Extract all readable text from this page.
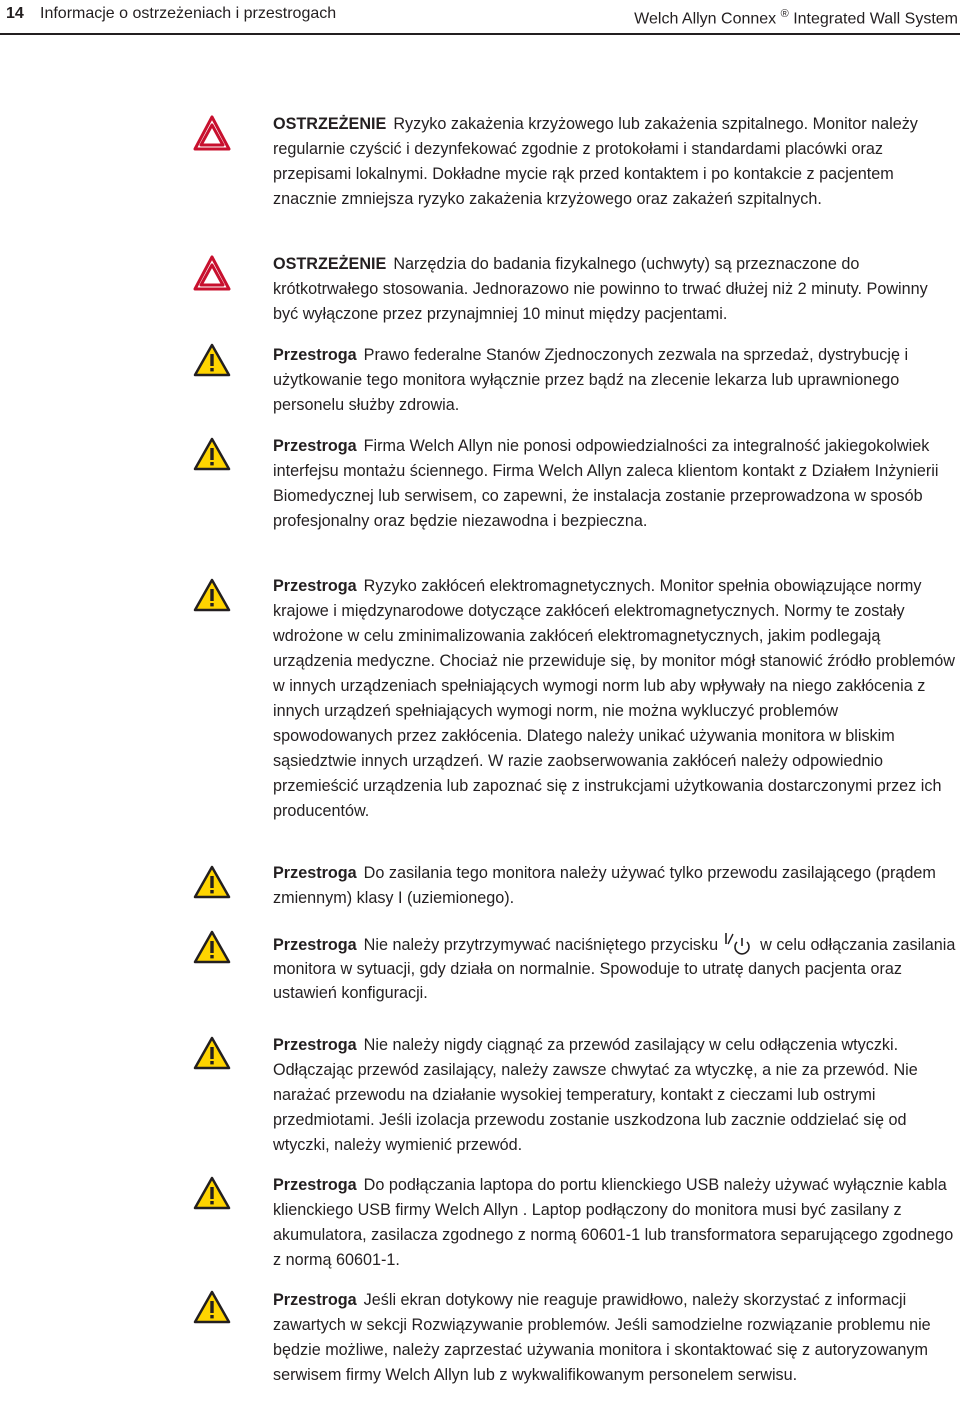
14 Informacje o ostrzeżeniach i przestrogach	Welch Allyn Connex ® Integrated Wall System

OSTRZEŻENIE Ryzyko zakażenia krzyżowego lub zakażenia szpitalnego. Monitor należy regularnie czyścić i dezynfekować zgodnie z protokołami i standardami placówki oraz przepisami lokalnymi. Dokładne mycie rąk przed kontaktem i po kontakcie z pacjentem znacznie zmniejsza ryzyko zakażenia krzyżowego oraz zakażeń szpitalnych.

OSTRZEŻENIE Narzędzia do badania fizykalnego (uchwyty) są przeznaczone do krótkotrwałego stosowania. Jednorazowo nie powinno to trwać dłużej niż 2 minuty. Powinny być wyłączone przez przynajmniej 10 minut między pacjentami.

Przestroga Prawo federalne Stanów Zjednoczonych zezwala na sprzedaż, dystrybucję i użytkowanie tego monitora wyłącznie przez bądź na zlecenie lekarza lub uprawnionego personelu służby zdrowia.

Przestroga Firma Welch Allyn nie ponosi odpowiedzialności za integralność jakiegokolwiek interfejsu montażu ściennego. Firma Welch Allyn zaleca klientom kontakt z Działem Inżynierii Biomedycznej lub serwisem, co zapewni, że instalacja zostanie przeprowadzona w sposób profesjonalny oraz będzie niezawodna i bezpieczna.

Przestroga Ryzyko zakłóceń elektromagnetycznych. Monitor spełnia obowiązujące normy krajowe i międzynarodowe dotyczące zakłóceń elektromagnetycznych. Normy te zostały wdrożone w celu zminimalizowania zakłóceń elektromagnetycznych, jakim podlegają urządzenia medyczne. Chociaż nie przewiduje się, by monitor mógł stanowić źródło problemów w innych urządzeniach spełniających wymogi norm lub aby wpływały na niego zakłócenia z innych urządzeń spełniających wymogi norm, nie można wykluczyć problemów spowodowanych przez zakłócenia. Dlatego należy unikać używania monitora w bliskim sąsiedztwie innych urządzeń. W razie zaobserwowania zakłóceń należy odpowiednio przemieścić urządzenia lub zapoznać się z instrukcjami użytkowania dostarczonymi przez ich producentów.

Przestroga Do zasilania tego monitora należy używać tylko przewodu zasilającego (prądem zmiennym) klasy I (uziemionego).

Przestroga Nie należy przytrzymywać naciśniętego przycisku	w celu odłączania zasilania monitora w sytuacji, gdy działa on normalnie. Spowoduje to utratę danych pacjenta oraz ustawień konfiguracji.

Przestroga Nie należy nigdy ciągnąć za przewód zasilający w celu odłączenia wtyczki. Odłączając przewód zasilający, należy zawsze chwytać za wtyczkę, a nie za przewód. Nie narażać przewodu na działanie wysokiej temperatury, kontakt z cieczami lub ostrymi przedmiotami. Jeśli izolacja przewodu zostanie uszkodzona lub zacznie oddzielać się od wtyczki, należy wymienić przewód.

Przestroga Do podłączania laptopa do portu klienckiego USB należy używać wyłącznie kabla klienckiego USB firmy Welch Allyn . Laptop podłączony do monitora musi być zasilany z akumulatora, zasilacza zgodnego z normą 60601-1 lub transformatora separującego zgodnego z normą 60601-1.

Przestroga Jeśli ekran dotykowy nie reaguje prawidłowo, należy skorzystać z informacji zawartych w sekcji Rozwiązywanie problemów. Jeśli samodzielne rozwiązanie problemu nie będzie możliwe, należy zaprzestać używania monitora i skontaktować się z autoryzowanym serwisem firmy Welch Allyn lub z wykwalifikowanym personelem serwisu.
